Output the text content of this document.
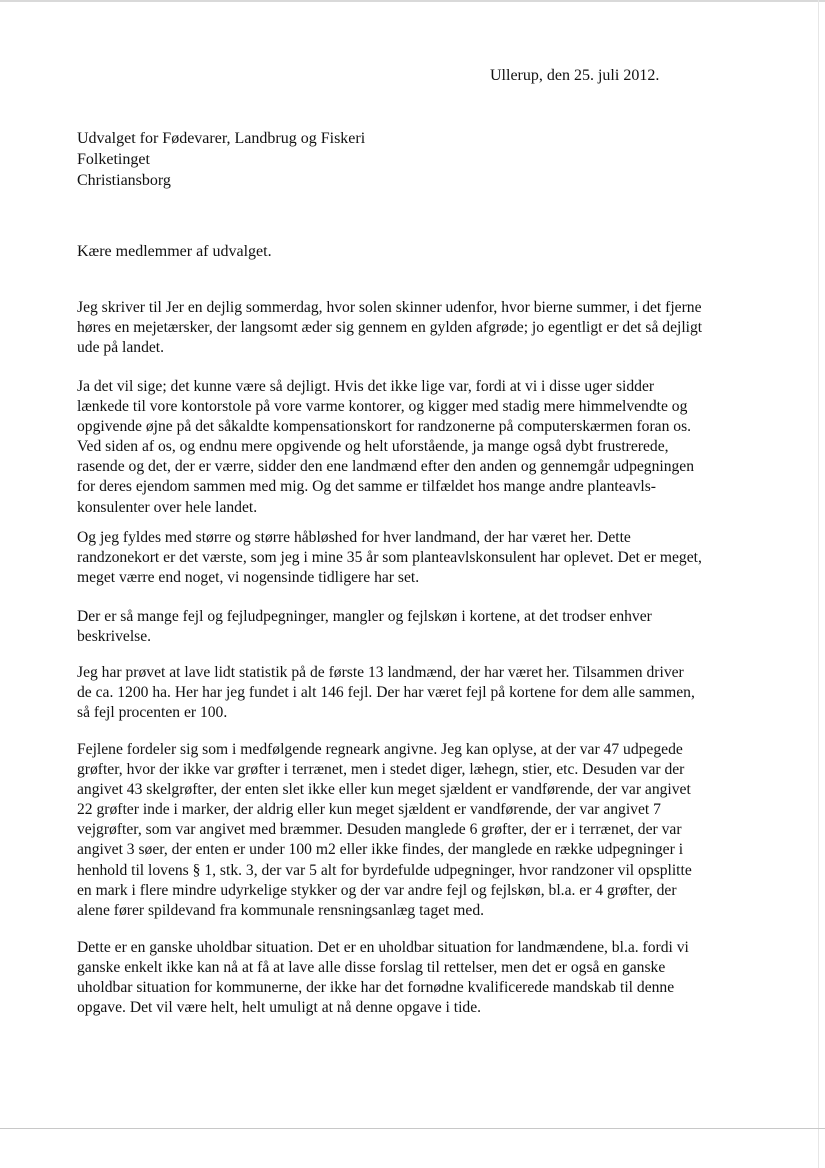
Ullerup, den 25. juli 2012.
Udvalget for Fødevarer, Landbrug og Fiskeri
Folketinget
Christiansborg
Kære medlemmer af udvalget.
Jeg skriver til Jer en dejlig sommerdag, hvor solen skinner udenfor, hvor bierne summer, i det fjerne
høres en mejetærsker, der langsomt æder sig gennem en gylden afgrøde; jo egentligt er det så dejligt
ude på landet.
Ja det vil sige; det kunne være så dejligt. Hvis det ikke lige var, fordi at vi i disse uger sidder
lænkede til vore kontorstole på vore varme kontorer, og kigger med stadig mere himmelvendte og
opgivende øjne på det såkaldte kompensationskort for randzonerne på computerskærmen foran os.
Ved siden af os, og endnu mere opgivende og helt uforstående, ja mange også dybt frustrerede,
rasende og det, der er værre, sidder den ene landmænd efter den anden og gennemgår udpegningen
for deres ejendom sammen med mig. Og det samme er tilfældet hos mange andre planteavls-
konsulenter over hele landet.
Og jeg fyldes med større og større håbløshed for hver landmand, der har været her. Dette
randzonekort er det værste, som jeg i mine 35 år som planteavlskonsulent har oplevet. Det er meget,
meget værre end noget, vi nogensinde tidligere har set.
Der er så mange fejl og fejludpegninger, mangler og fejlskøn i kortene, at det trodser enhver
beskrivelse.
Jeg har prøvet at lave lidt statistik på de første 13 landmænd, der har været her. Tilsammen driver
de ca. 1200 ha. Her har jeg fundet i alt 146 fejl. Der har været fejl på kortene for dem alle sammen,
så fejl procenten er 100.
Fejlene fordeler sig som i medfølgende regneark angivne. Jeg kan oplyse, at der var 47 udpegede
grøfter, hvor der ikke var grøfter i terrænet, men i stedet diger, læhegn, stier, etc. Desuden var der
angivet 43 skelgrøfter, der enten slet ikke eller kun meget sjældent er vandførende, der var angivet
22 grøfter inde i marker, der aldrig eller kun meget sjældent er vandførende, der var angivet 7
vejgrøfter, som var angivet med bræmmer. Desuden manglede 6 grøfter, der er i terrænet, der var
angivet 3 søer, der enten er under 100 m2 eller ikke findes, der manglede en række udpegninger i
henhold til lovens § 1, stk. 3, der var 5 alt for byrdefulde udpegninger, hvor randzoner vil opsplitte
en mark i flere mindre udyrkelige stykker og der var andre fejl og fejlskøn, bl.a. er 4 grøfter, der
alene fører spildevand fra kommunale rensningsanlæg taget med.
Dette er en ganske uholdbar situation. Det er en uholdbar situation for landmændene, bl.a. fordi vi
ganske enkelt ikke kan nå at få at lave alle disse forslag til rettelser, men det er også en ganske
uholdbar situation for kommunerne, der ikke har det fornødne kvalificerede mandskab til denne
opgave. Det vil være helt, helt umuligt at nå denne opgave i tide.
